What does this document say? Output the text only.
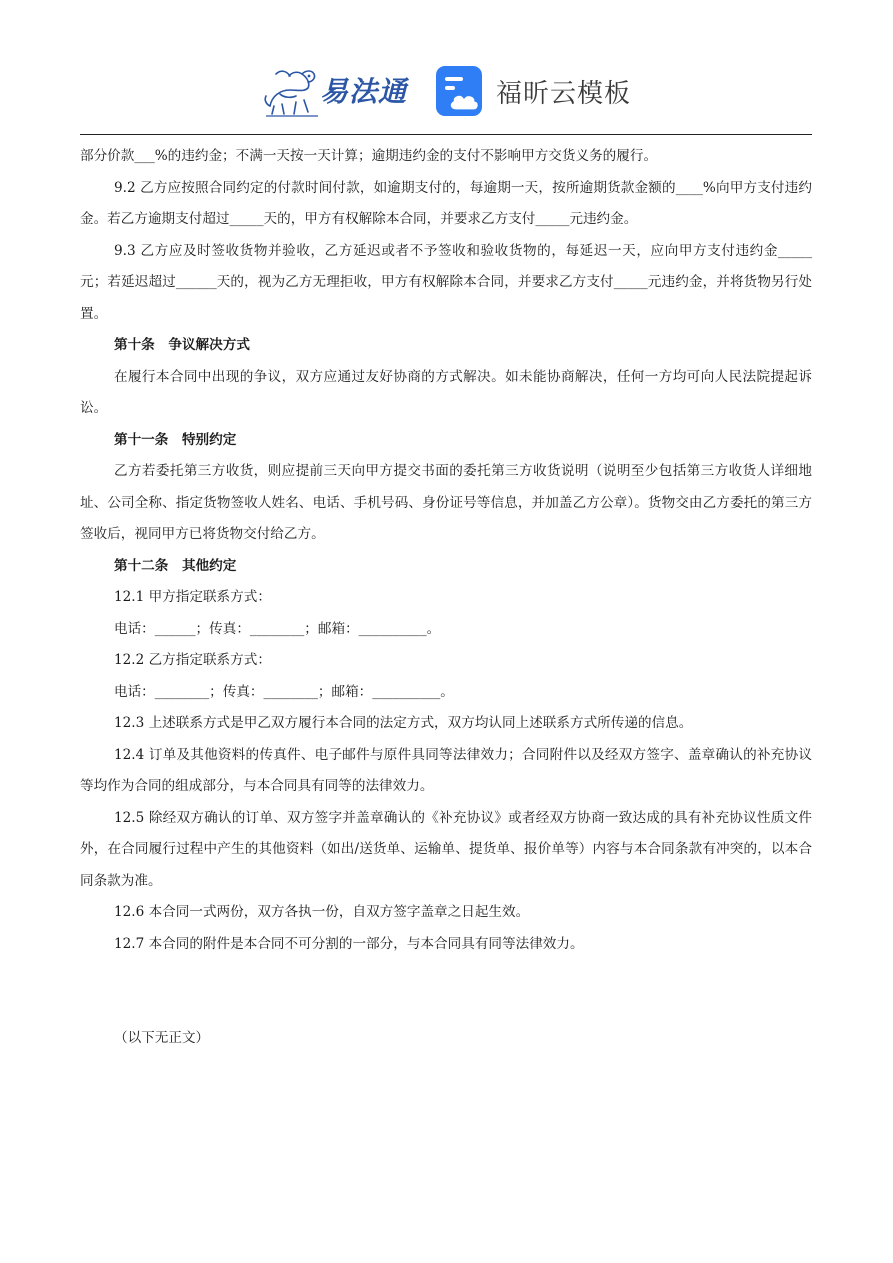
易法通	福昕云模板

部分价款___%的违约金；不满一天按一天计算；逾期违约金的支付不影响甲方交货义务的履行。

9.2 乙方应按照合同约定的付款时间付款，如逾期支付的，每逾期一天，按所逾期货款金额的____%向甲方支付违约金。若乙方逾期支付超过_____天的，甲方有权解除本合同，并要求乙方支付_____元违约金。

9.3 乙方应及时签收货物并验收，乙方延迟或者不予签收和验收货物的，每延迟一天，应向甲方支付违约金_____元；若延迟超过______天的，视为乙方无理拒收，甲方有权解除本合同，并要求乙方支付_____元违约金，并将货物另行处置。

第十条　争议解决方式

在履行本合同中出现的争议，双方应通过友好协商的方式解决。如未能协商解决，任何一方均可向人民法院提起诉讼。

第十一条　特别约定

乙方若委托第三方收货，则应提前三天向甲方提交书面的委托第三方收货说明（说明至少包括第三方收货人详细地址、公司全称、指定货物签收人姓名、电话、手机号码、身份证号等信息，并加盖乙方公章）。货物交由乙方委托的第三方签收后，视同甲方已将货物交付给乙方。

第十二条　其他约定

12.1 甲方指定联系方式：

电话：______；传真：________；邮箱：__________。

12.2 乙方指定联系方式：

电话：________；传真：________；邮箱：__________。

12.3 上述联系方式是甲乙双方履行本合同的法定方式，双方均认同上述联系方式所传递的信息。

12.4 订单及其他资料的传真件、电子邮件与原件具同等法律效力；合同附件以及经双方签字、盖章确认的补充协议等均作为合同的组成部分，与本合同具有同等的法律效力。

12.5 除经双方确认的订单、双方签字并盖章确认的《补充协议》或者经双方协商一致达成的具有补充协议性质文件外，在合同履行过程中产生的其他资料（如出/送货单、运输单、提货单、报价单等）内容与本合同条款有冲突的，以本合同条款为准。

12.6 本合同一式两份，双方各执一份，自双方签字盖章之日起生效。

12.7 本合同的附件是本合同不可分割的一部分，与本合同具有同等法律效力。

（以下无正文）
